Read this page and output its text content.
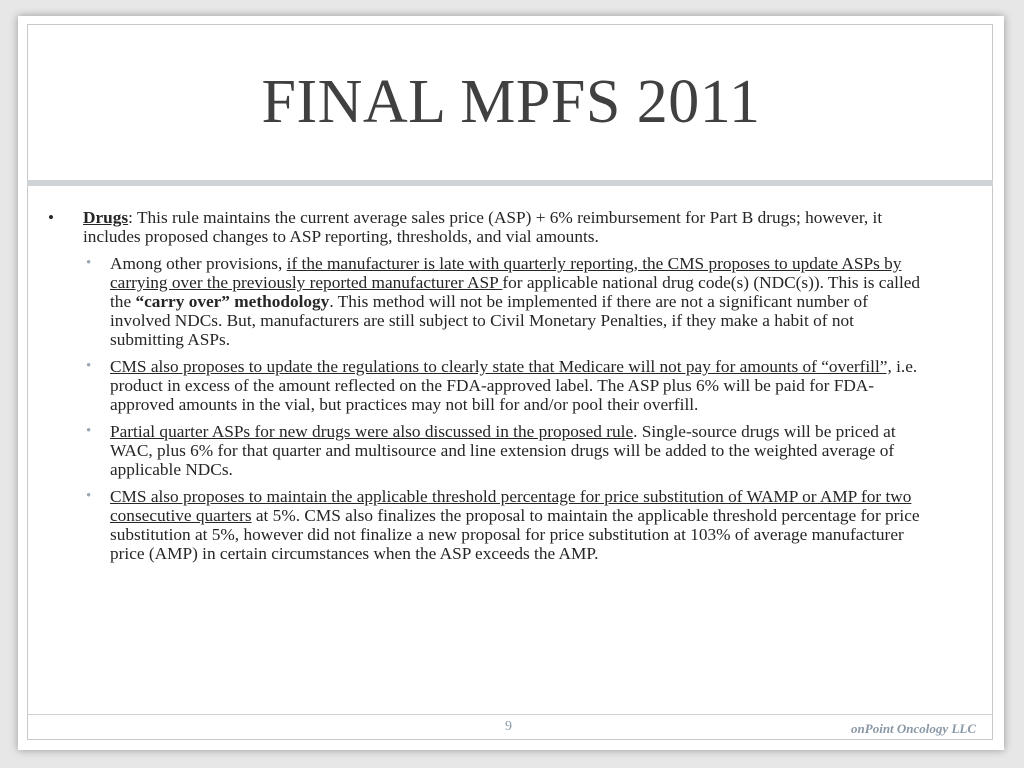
FINAL MPFS 2011
• Drugs: This rule maintains the current average sales price (ASP) + 6% reimbursement for Part B drugs; however, it includes proposed changes to ASP reporting, thresholds, and vial amounts.
• Among other provisions, if the manufacturer is late with quarterly reporting, the CMS proposes to update ASPs by carrying over the previously reported manufacturer ASP for applicable national drug code(s) (NDC(s)). This is called the “carry over” methodology. This method will not be implemented if there are not a significant number of involved NDCs. But, manufacturers are still subject to Civil Monetary Penalties, if they make a habit of not submitting ASPs.
• CMS also proposes to update the regulations to clearly state that Medicare will not pay for amounts of “overfill”, i.e. product in excess of the amount reflected on the FDA-approved label. The ASP plus 6% will be paid for FDA-approved amounts in the vial, but practices may not bill for and/or pool their overfill.
• Partial quarter ASPs for new drugs were also discussed in the proposed rule. Single-source drugs will be priced at WAC, plus 6% for that quarter and multisource and line extension drugs will be added to the weighted average of applicable NDCs.
• CMS also proposes to maintain the applicable threshold percentage for price substitution of WAMP or AMP for two consecutive quarters at 5%. CMS also finalizes the proposal to maintain the applicable threshold percentage for price substitution at 5%, however did not finalize a new proposal for price substitution at 103% of average manufacturer price (AMP) in certain circumstances when the ASP exceeds the AMP.
9	onPoint Oncology LLC
